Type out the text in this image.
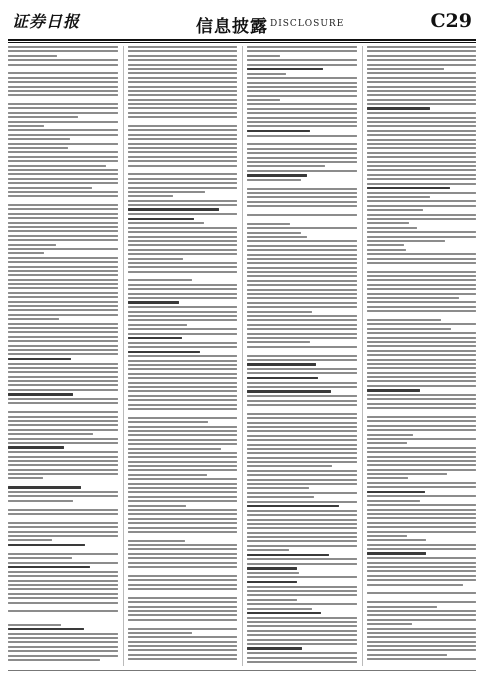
证券日报	信息披露 DISCLOSURE	C29
